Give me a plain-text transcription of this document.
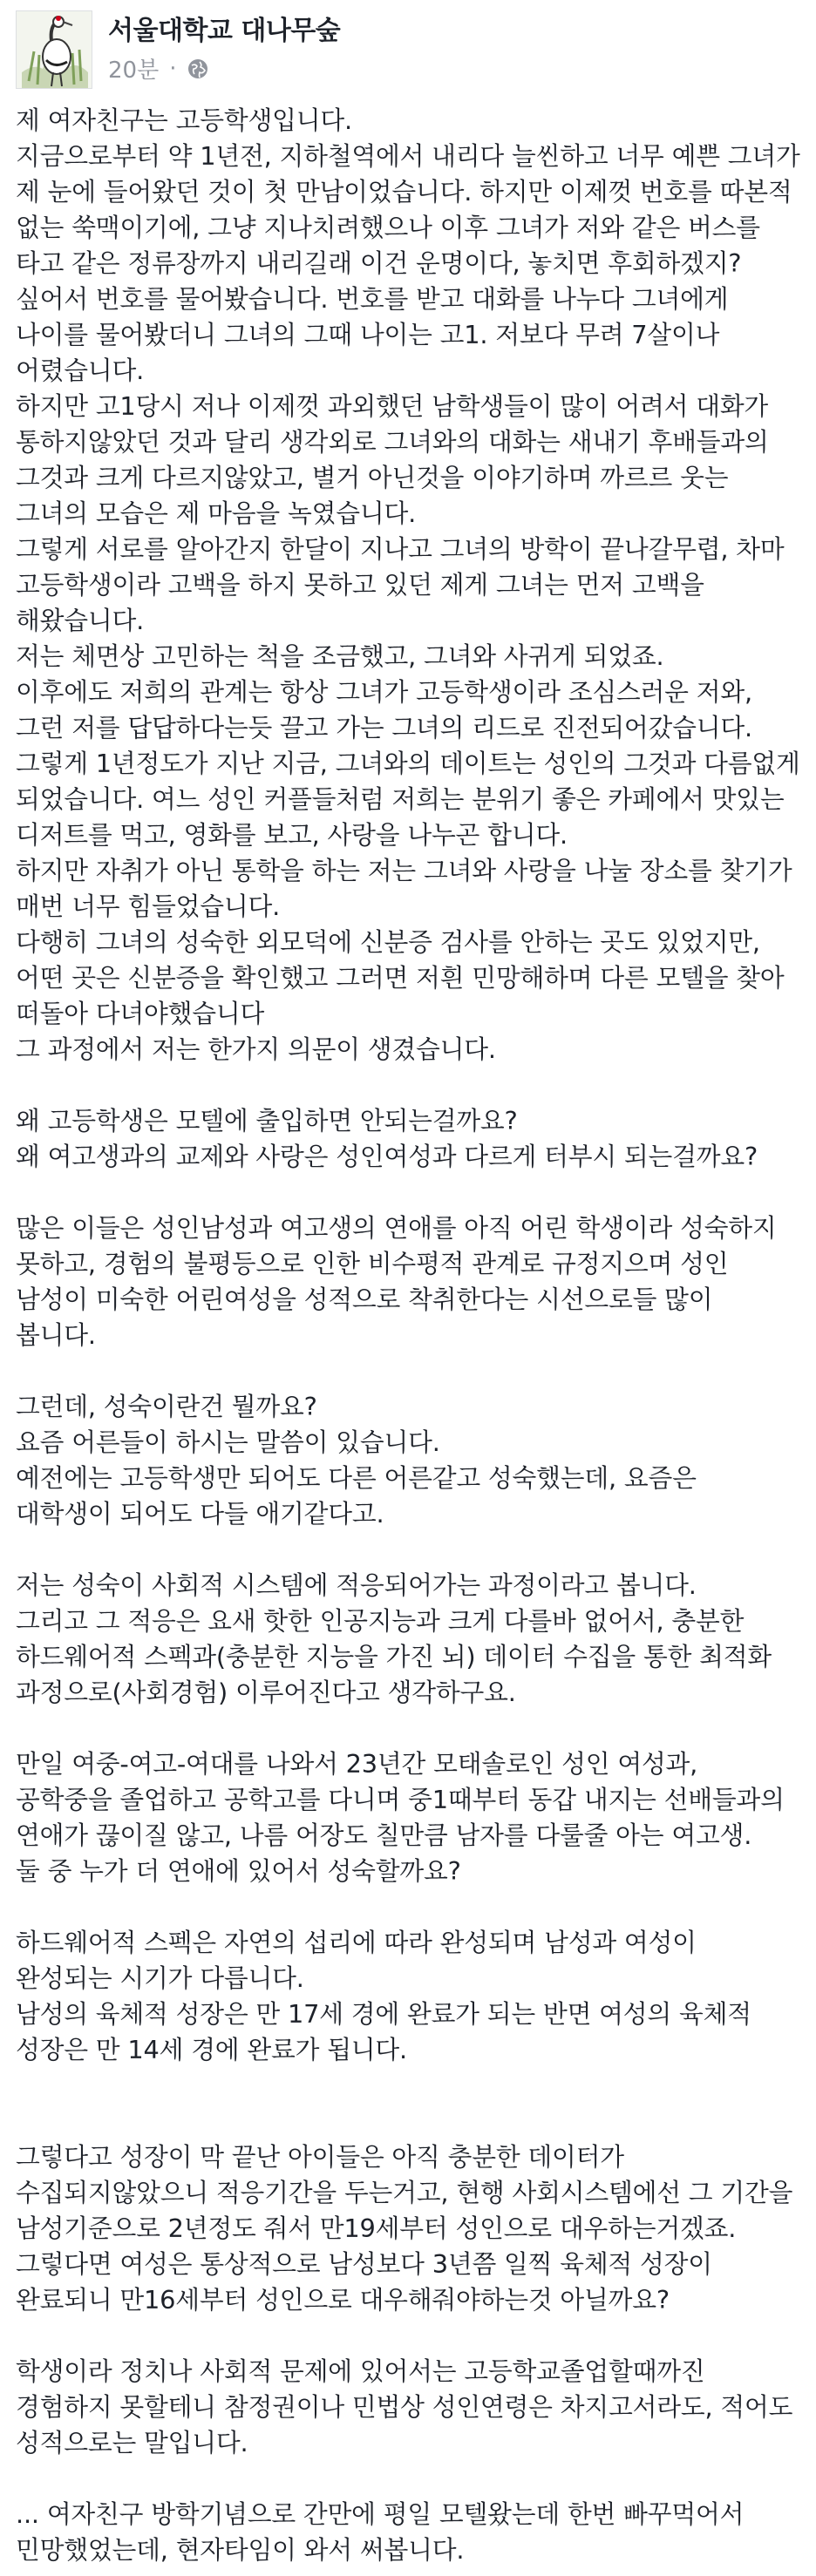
서울대학교 대나무숲
20분 ·

제 여자친구는 고등학생입니다.

지금으로부터 약 1년전, 지하철역에서 내리다 늘씬하고 너무 예쁜 그녀가 제 눈에 들어왔던 것이 첫 만남이었습니다. 하지만 이제껏 번호를 따본적 없는 쑥맥이기에, 그냥 지나치려했으나 이후 그녀가 저와 같은 버스를 타고 같은 정류장까지 내리길래 이건 운명이다, 놓치면 후회하겠지? 싶어서 번호를 물어봤습니다. 번호를 받고 대화를 나누다 그녀에게 나이를 물어봤더니 그녀의 그때 나이는 고1. 저보다 무려 7살이나 어렸습니다.

하지만 고1당시 저나 이제껏 과외했던 남학생들이 많이 어려서 대화가 통하지않았던 것과 달리 생각외로 그녀와의 대화는 새내기 후배들과의 그것과 크게 다르지않았고, 별거 아닌것을 이야기하며 까르르 웃는 그녀의 모습은 제 마음을 녹였습니다.

그렇게 서로를 알아간지 한달이 지나고 그녀의 방학이 끝나갈무렵, 차마 고등학생이라 고백을 하지 못하고 있던 제게 그녀는 먼저 고백을 해왔습니다.

저는 체면상 고민하는 척을 조금했고, 그녀와 사귀게 되었죠.

이후에도 저희의 관계는 항상 그녀가 고등학생이라 조심스러운 저와, 그런 저를 답답하다는듯 끌고 가는 그녀의 리드로 진전되어갔습니다.

그렇게 1년정도가 지난 지금, 그녀와의 데이트는 성인의 그것과 다름없게 되었습니다. 여느 성인 커플들처럼 저희는 분위기 좋은 카페에서 맛있는 디저트를 먹고, 영화를 보고, 사랑을 나누곤 합니다.

하지만 자취가 아닌 통학을 하는 저는 그녀와 사랑을 나눌 장소를 찾기가 매번 너무 힘들었습니다.

다행히 그녀의 성숙한 외모덕에 신분증 검사를 안하는 곳도 있었지만, 어떤 곳은 신분증을 확인했고 그러면 저흰 민망해하며 다른 모텔을 찾아 떠돌아 다녀야했습니다

그 과정에서 저는 한가지 의문이 생겼습니다.

왜 고등학생은 모텔에 출입하면 안되는걸까요?

왜 여고생과의 교제와 사랑은 성인여성과 다르게 터부시 되는걸까요?

많은 이들은 성인남성과 여고생의 연애를 아직 어린 학생이라 성숙하지 못하고, 경험의 불평등으로 인한 비수평적 관계로 규정지으며 성인 남성이 미숙한 어린여성을 성적으로 착취한다는 시선으로들 많이 봅니다.

그런데, 성숙이란건 뭘까요?

요즘 어른들이 하시는 말씀이 있습니다.

예전에는 고등학생만 되어도 다른 어른같고 성숙했는데, 요즘은 대학생이 되어도 다들 애기같다고.

저는 성숙이 사회적 시스템에 적응되어가는 과정이라고 봅니다.

그리고 그 적응은 요새 핫한 인공지능과 크게 다를바 없어서, 충분한 하드웨어적 스펙과(충분한 지능을 가진 뇌) 데이터 수집을 통한 최적화 과정으로(사회경험) 이루어진다고 생각하구요.

만일 여중-여고-여대를 나와서 23년간 모태솔로인 성인 여성과, 공학중을 졸업하고 공학고를 다니며 중1때부터 동갑 내지는 선배들과의 연애가 끊이질 않고, 나름 어장도 칠만큼 남자를 다룰줄 아는 여고생.

둘 중 누가 더 연애에 있어서 성숙할까요?

하드웨어적 스펙은 자연의 섭리에 따라 완성되며 남성과 여성이 완성되는 시기가 다릅니다.

남성의 육체적 성장은 만 17세 경에 완료가 되는 반면 여성의 육체적 성장은 만 14세 경에 완료가 됩니다.

그렇다고 성장이 막 끝난 아이들은 아직 충분한 데이터가 수집되지않았으니 적응기간을 두는거고, 현행 사회시스템에선 그 기간을 남성기준으로 2년정도 줘서 만19세부터 성인으로 대우하는거겠죠.

그렇다면 여성은 통상적으로 남성보다 3년쯤 일찍 육체적 성장이 완료되니 만16세부터 성인으로 대우해줘야하는것 아닐까요?

학생이라 정치나 사회적 문제에 있어서는 고등학교졸업할때까진 경험하지 못할테니 참정권이나 민법상 성인연령은 차지고서라도, 적어도 성적으로는 말입니다.

... 여자친구 방학기념으로 간만에 평일 모텔왔는데 한번 빠꾸먹어서 민망했었는데, 현자타임이 와서 써봅니다.
